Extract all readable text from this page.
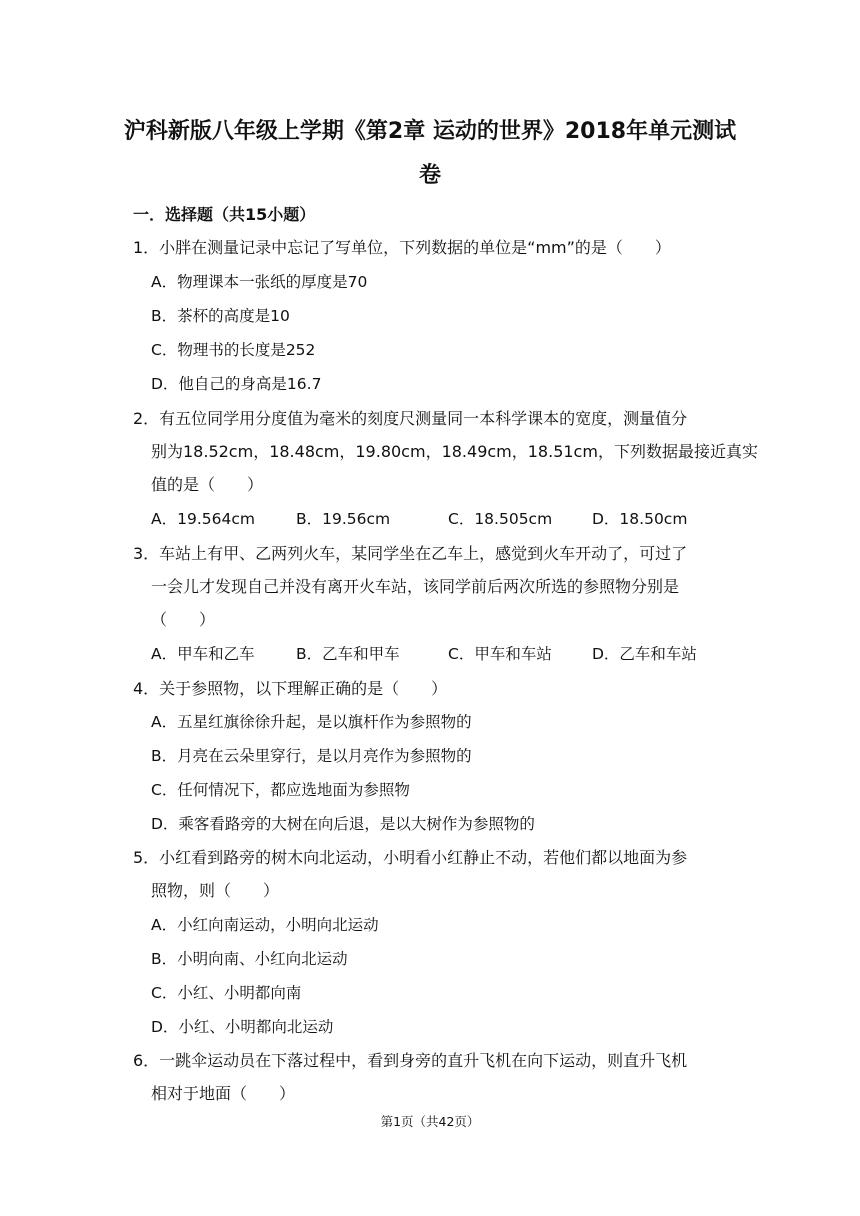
沪科新版八年级上学期《第2章 运动的世界》2018年单元测试
卷
一．选择题（共15小题）
1．小胖在测量记录中忘记了写单位，下列数据的单位是“mm”的是（　　）
A．物理课本一张纸的厚度是70
B．茶杯的高度是10
C．物理书的长度是252
D．他自己的身高是16.7
2．有五位同学用分度值为毫米的刻度尺测量同一本科学课本的宽度，测量值分
别为18.52cm，18.48cm，19.80cm，18.49cm，18.51cm，下列数据最接近真实
值的是（　　）
A．19.564cm	B．19.56cm	C．18.505cm	D．18.50cm
3．车站上有甲、乙两列火车，某同学坐在乙车上，感觉到火车开动了，可过了
一会儿才发现自己并没有离开火车站，该同学前后两次所选的参照物分别是
（　　）
A．甲车和乙车	B．乙车和甲车	C．甲车和车站	D．乙车和车站
4．关于参照物，以下理解正确的是（　　）
A．五星红旗徐徐升起，是以旗杆作为参照物的
B．月亮在云朵里穿行，是以月亮作为参照物的
C．任何情况下，都应选地面为参照物
D．乘客看路旁的大树在向后退，是以大树作为参照物的
5．小红看到路旁的树木向北运动，小明看小红静止不动，若他们都以地面为参
照物，则（　　）
A．小红向南运动，小明向北运动
B．小明向南、小红向北运动
C．小红、小明都向南
D．小红、小明都向北运动
6．一跳伞运动员在下落过程中，看到身旁的直升飞机在向下运动，则直升飞机
相对于地面（　　）
第1页（共42页）
